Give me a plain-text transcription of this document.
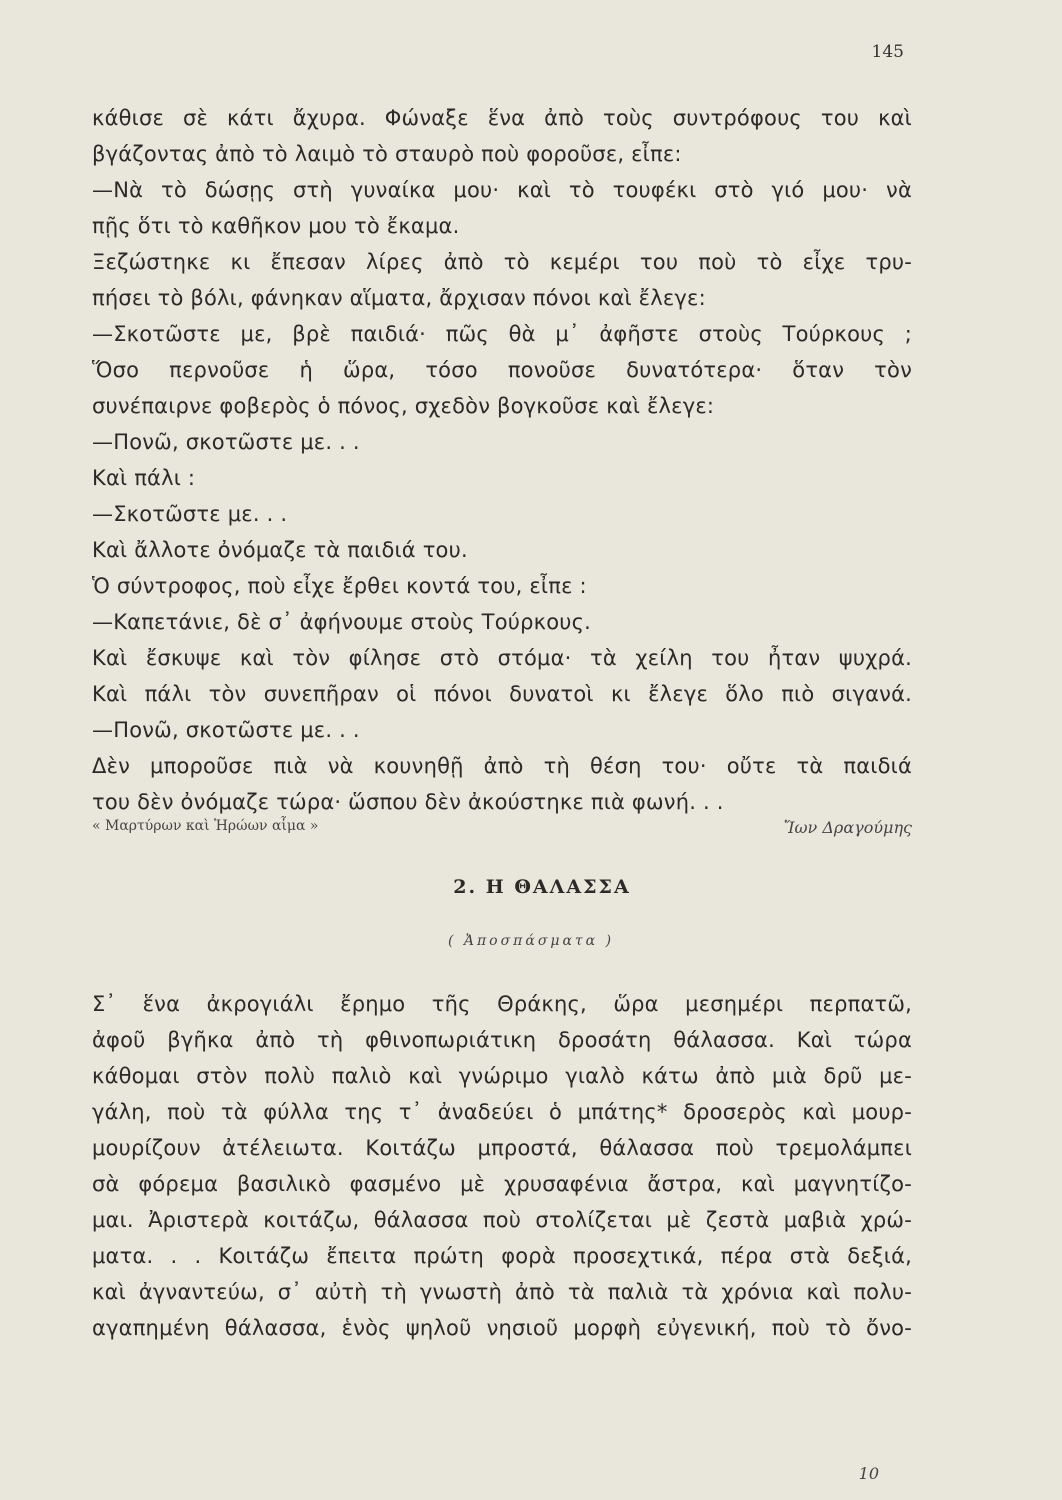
145
κάθισε σὲ κάτι ἄχυρα. Φώναξε ἕνα ἀπὸ τοὺς συντρόφους του καὶ
βγάζοντας ἀπὸ τὸ λαιμὸ τὸ σταυρὸ ποὺ φοροῦσε, εἶπε:
—Νὰ τὸ δώσῃς στὴ γυναίκα μου· καὶ τὸ τουφέκι στὸ γιό μου· νὰ
πῇς ὅτι τὸ καθῆκον μου τὸ ἔκαμα.
Ξεζώστηκε κι ἔπεσαν λίρες ἀπὸ τὸ κεμέρι του ποὺ τὸ εἶχε τρυ-
πήσει τὸ βόλι, φάνηκαν αἵματα, ἄρχισαν πόνοι καὶ ἔλεγε:
—Σκοτῶστε με, βρὲ παιδιά· πῶς θὰ μ᾽ ἀφῆστε στοὺς Τούρκους ;
Ὅσο περνοῦσε ἡ ὥρα, τόσο πονοῦσε δυνατότερα· ὅταν τὸν
συνέπαιρνε φοβερὸς ὁ πόνος, σχεδὸν βογκοῦσε καὶ ἔλεγε:
—Πονῶ, σκοτῶστε με. . .
Καὶ πάλι :
—Σκοτῶστε με. . .
Καὶ ἄλλοτε ὀνόμαζε τὰ παιδιά του.
Ὁ σύντροφος, ποὺ εἶχε ἔρθει κοντά του, εἶπε :
—Καπετάνιε, δὲ σ᾽ ἀφήνουμε στοὺς Τούρκους.
Καὶ ἔσκυψε καὶ τὸν φίλησε στὸ στόμα· τὰ χείλη του ἦταν ψυχρά.
Καὶ πάλι τὸν συνεπῆραν οἱ πόνοι δυνατοὶ κι ἔλεγε ὅλο πιὸ σιγανά.
—Πονῶ, σκοτῶστε με. . .
Δὲν μποροῦσε πιὰ νὰ κουνηθῇ ἀπὸ τὴ θέση του· οὔτε τὰ παιδιά
του δὲν ὀνόμαζε τώρα· ὥσπου δὲν ἀκούστηκε πιὰ φωνή. . .
« Μαρτύρων καὶ Ἡρώων αἷμα »	Ἴων Δραγούμης
2. Η ΘΑΛΑΣΣΑ
( Ἀποσπάσματα )
Σ᾽ ἕνα ἀκρογιάλι ἔρημο τῆς Θράκης, ὥρα μεσημέρι περπατῶ,
ἀφοῦ βγῆκα ἀπὸ τὴ φθινοπωριάτικη δροσάτη θάλασσα. Καὶ τώρα
κάθομαι στὸν πολὺ παλιὸ καὶ γνώριμο γιαλὸ κάτω ἀπὸ μιὰ δρῦ με-
γάλη, ποὺ τὰ φύλλα της τ᾽ ἀναδεύει ὁ μπάτης* δροσερὸς καὶ μουρ-
μουρίζουν ἀτέλειωτα. Κοιτάζω μπροστά, θάλασσα ποὺ τρεμολάμπει
σὰ φόρεμα βασιλικὸ φασμένο μὲ χρυσαφένια ἄστρα, καὶ μαγνητίζο-
μαι. Ἀριστερὰ κοιτάζω, θάλασσα ποὺ στολίζεται μὲ ζεστὰ μαβιὰ χρώ-
ματα. . . Κοιτάζω ἔπειτα πρώτη φορὰ προσεχτικά, πέρα στὰ δεξιά,
καὶ ἀγναντεύω, σ᾽ αὐτὴ τὴ γνωστὴ ἀπὸ τὰ παλιὰ τὰ χρόνια καὶ πολυ-
αγαπημένη θάλασσα, ἑνὸς ψηλοῦ νησιοῦ μορφὴ εὐγενική, ποὺ τὸ ὄνο-
10
